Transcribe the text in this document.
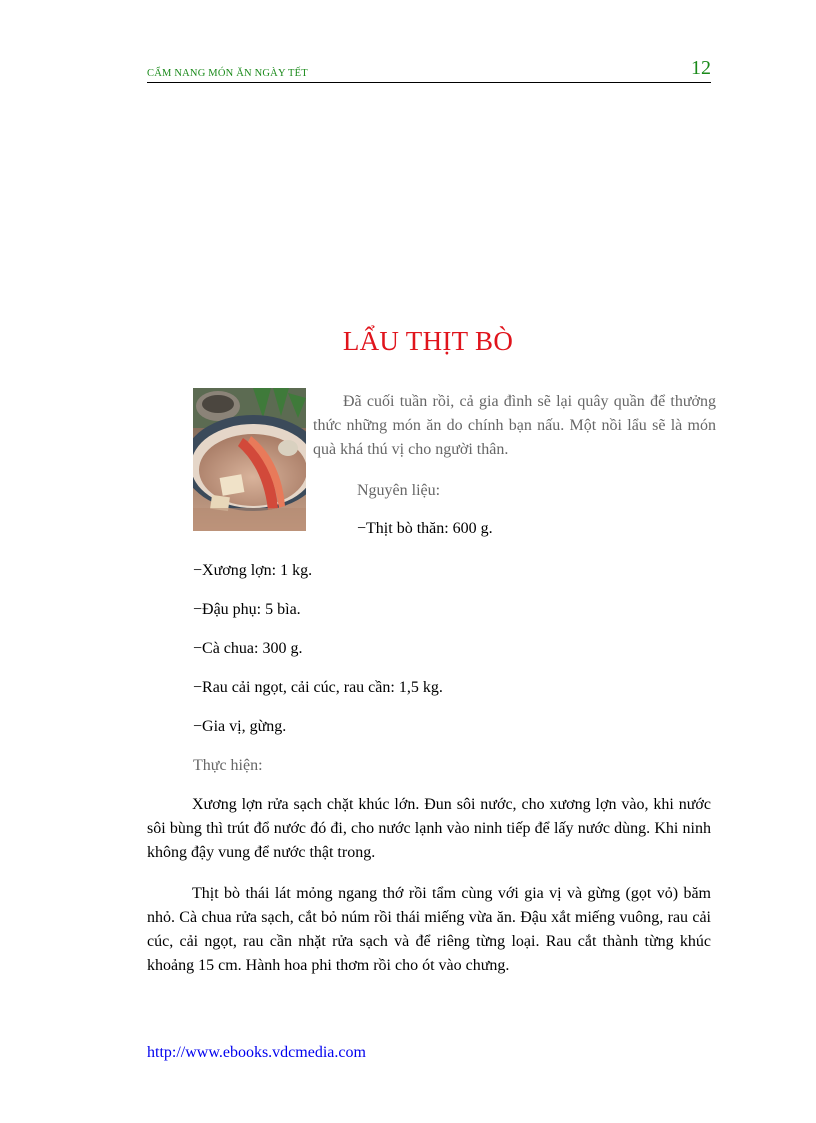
CẨM NANG MÓN ĂN NGÀY TẾT	12
LẨU THỊT BÒ

Đã cuối tuần rồi, cả gia đình sẽ lại quây quần để thưởng thức những món ăn do chính bạn nấu. Một nồi lẩu sẽ là món quà khá thú vị cho người thân.

Nguyên liệu:

−Thịt bò thăn: 600 g.

−Xương lợn: 1 kg.
−Đậu phụ: 5 bìa.
−Cà chua: 300 g.
−Rau cải ngọt, cải cúc, rau cần: 1,5 kg.
−Gia vị, gừng.

Thực hiện:

Xương lợn rửa sạch chặt khúc lớn. Đun sôi nước, cho xương lợn vào, khi nước sôi bùng thì trút đổ nước đó đi, cho nước lạnh vào ninh tiếp để lấy nước dùng. Khi ninh không đậy vung để nước thật trong.

Thịt bò thái lát mỏng ngang thớ rồi tẩm cùng với gia vị và gừng (gọt vỏ) băm nhỏ. Cà chua rửa sạch, cắt bỏ núm rồi thái miếng vừa ăn. Đậu xắt miếng vuông, rau cải cúc, cải ngọt, rau cần nhặt rửa sạch và để riêng từng loại. Rau cắt thành từng khúc khoảng 15 cm. Hành hoa phi thơm rồi cho ót vào chưng.

http://www.ebooks.vdcmedia.com
